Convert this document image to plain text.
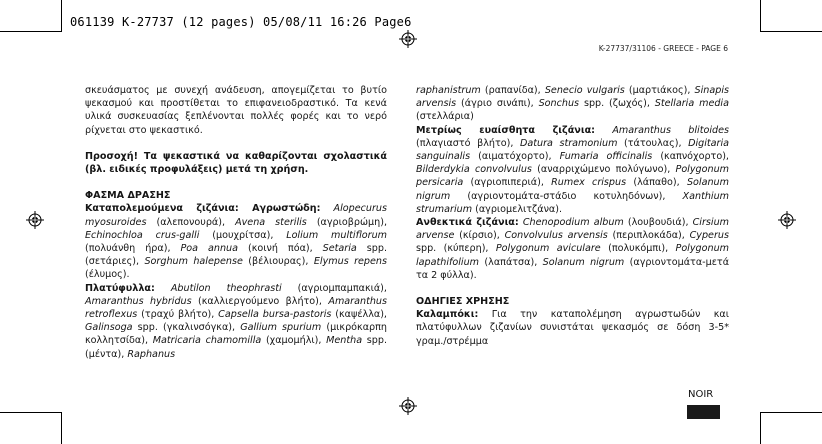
061139 K-27737 (12 pages) 05/08/11 16:26 Page6
K-27737/31106 - GREECE - PAGE 6

σκευάσματος με συνεχή ανάδευση, απογεμίζεται το βυτίο ψεκασμού και προστίθεται το επιφανειοδραστικό. Τα κενά υλικά συσκευασίας ξεπλένονται πολλές φορές και το νερό ρίχνεται στο ψεκαστικό.

Προσοχή! Τα ψεκαστικά να καθαρίζονται σχολαστικά (βλ. ειδικές προφυλάξεις) μετά τη χρήση.

ΦΑΣΜΑ ΔΡΑΣΗΣ

Καταπολεμούμενα ζιζάνια: Αγρωστώδη: Alopecurus myosuroides (αλεπονουρά), Avena sterilis (αγριοβρώμη), Echinochloa crus-galli (μουχρίτσα), Lolium multiflorum (πολυάνθη ήρα), Poa annua (κοινή πόα), Setaria spp. (σετάριες), Sorghum halepense (βέλιουρας), Elymus repens (έλυμος).

Πλατύφυλλα: Abutilon theophrasti (αγριομπαμπακιά), Amaranthus hybridus (καλλιεργούμενο βλήτο), Amaranthus retroflexus (τραχύ βλήτο), Capsella bursa-pastoris (καψέλλα), Galinsoga spp. (γκαλινσόγκα), Gallium spurium (μικρόκαρπη κολλητσίδα), Matricaria chamomilla (χαμομήλι), Mentha spp. (μέντα), Raphanus

raphanistrum (ραπανίδα), Senecio vulgaris (μαρτιάκος), Sinapis arvensis (άγριο σινάπι), Sonchus spp. (ζωχός), Stellaria media (στελλάρια)

Μετρίως ευαίσθητα ζιζάνια: Amaranthus blitoides (πλαγιαστό βλήτο), Datura stramonium (τάτουλας), Digitaria sanguinalis (αιματόχορτο), Fumaria officinalis (καπνόχορτο), Bilderdykia convolvulus (αναρριχώμενο πολύγωνο), Polygonum persicaria (αγριοπιπεριά), Rumex crispus (λάπαθο), Solanum nigrum (αγριοντομάτα-στάδιο κοτυληδόνων), Xanthium strumarium (αγριομελιτζάνα).

Ανθεκτικά ζιζάνια: Chenopodium album (λουβουδιά), Cirsium arvense (κίρσιο), Convolvulus arvensis (περιπλοκάδα), Cyperus spp. (κύπερη), Polygonum aviculare (πολυκόμπι), Polygonum lapathifolium (λαπάτσα), Solanum nigrum (αγριοντομάτα-μετά τα 2 φύλλα).

ΟΔΗΓΙΕΣ ΧΡΗΣΗΣ

Καλαμπόκι: Για την καταπολέμηση αγρωστωδών και πλατύφυλλων ζιζανίων συνιστάται ψεκασμός σε δόση 3-5* γραμ./στρέμμα

NOIR
